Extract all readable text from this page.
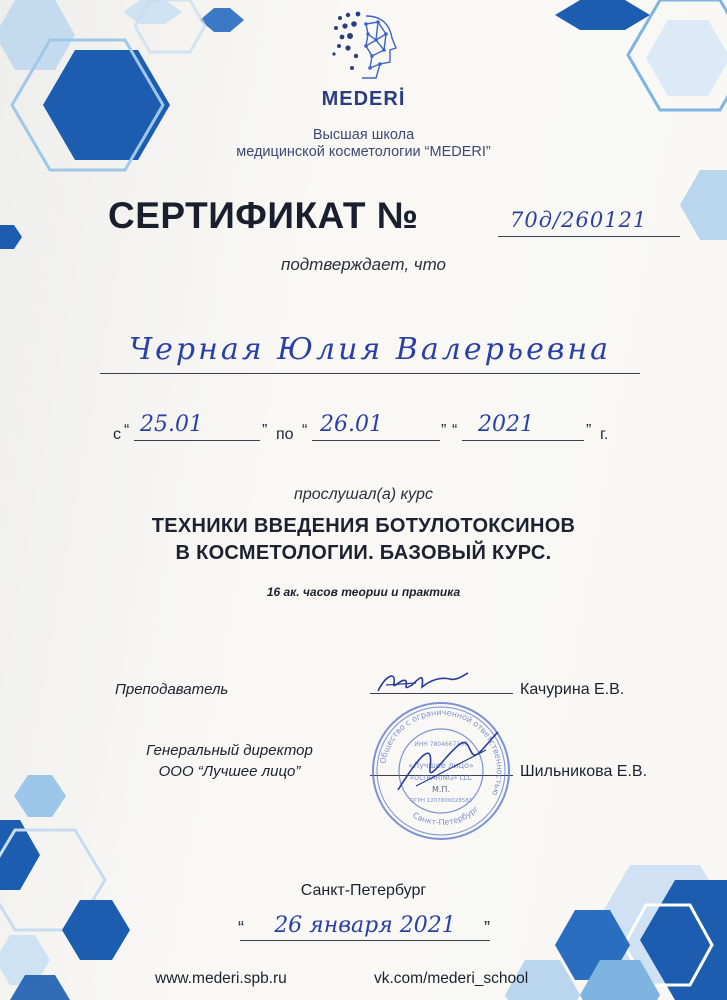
MEDERİ
Высшая школа
медицинской косметологии “MEDERI”
СЕРТИФИКАТ №	70д/260121
подтверждает, что
Черная Юлия Валерьевна
с “ 25.01	” по “ 26.01	” “ 2021	” г.
прослушал(а) курс
ТЕХНИКИ ВВЕДЕНИЯ БОТУЛОТОКСИНОВ
В КОСМЕТОЛОГИИ. БАЗОВЫЙ КУРС.
16 ак. часов теории и практика
Преподаватель	Качурина Е.В.
Генеральный директор
ООО “Лучшее лицо”	Шильникова Е.В.
Общество с ограниченной ответственностью
Санкт-Петербург
ИНН 7804667107
«Лучшее лицо»
«ULTRARING» LLC
М.П.
ОГРН 1207800028581
Санкт-Петербург
“	26 января 2021	”
www.mederi.spb.ru	vk.com/mederi_school
